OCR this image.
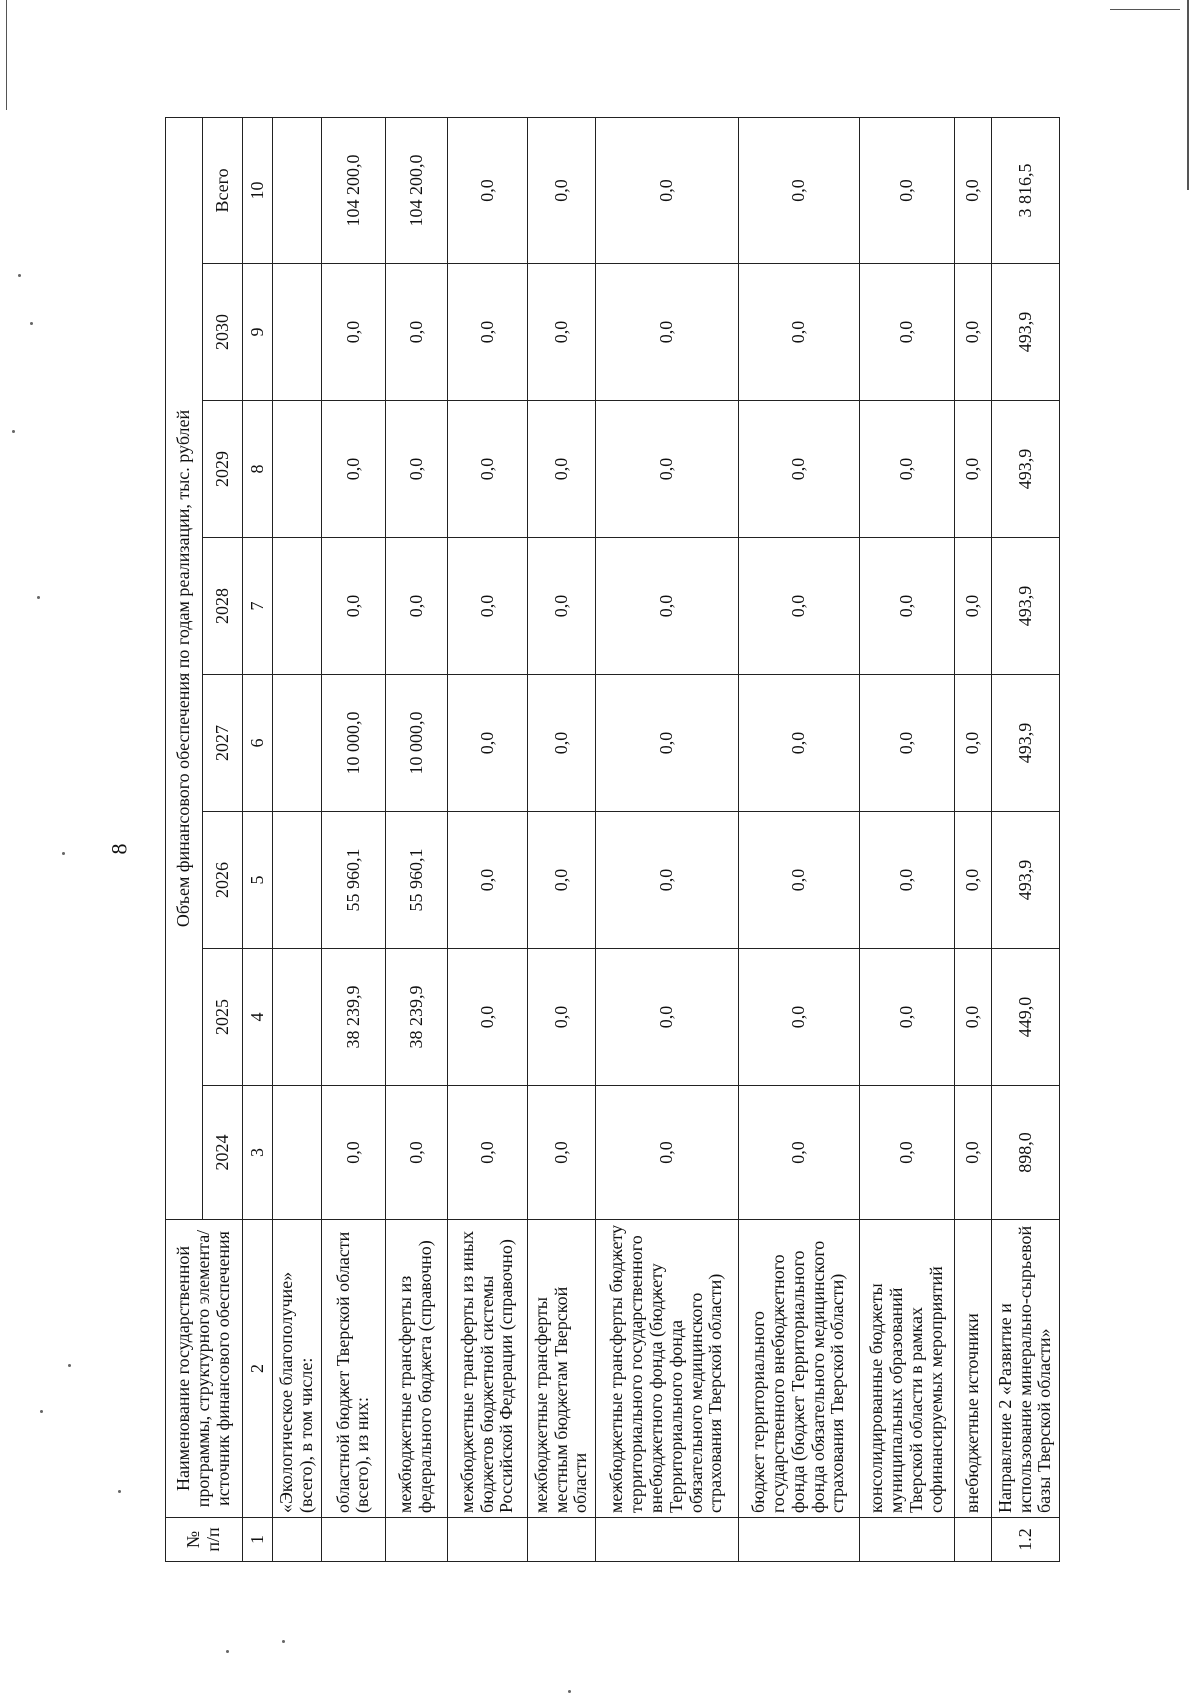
8
№ п/п	Наименование государственной программы, структурного элемента/источник финансового обеспечения	Объем финансового обеспечения по годам реализации, тыс. рублей							
		2024	2025	2026	2027	2028	2029	2030	Всего
1	2	3	4	5	6	7	8	9	10
	«Экологическое благополучие» (всего), в том числе:								
	областной бюджет Тверской области (всего), из них:	0,0	38 239,9	55 960,1	10 000,0	0,0	0,0	0,0	104 200,0
	межбюджетные трансферты из федерального бюджета (справочно)	0,0	38 239,9	55 960,1	10 000,0	0,0	0,0	0,0	104 200,0
	межбюджетные трансферты из иных бюджетов бюджетной системы Российской Федерации (справочно)	0,0	0,0	0,0	0,0	0,0	0,0	0,0	0,0
	межбюджетные трансферты местным бюджетам Тверской области	0,0	0,0	0,0	0,0	0,0	0,0	0,0	0,0
	межбюджетные трансферты бюджету территориального государственного внебюджетного фонда (бюджету Территориального фонда обязательного медицинского страхования Тверской области)	0,0	0,0	0,0	0,0	0,0	0,0	0,0	0,0
	бюджет территориального государственного внебюджетного фонда (бюджет Территориального фонда обязательного медицинского страхования Тверской области)	0,0	0,0	0,0	0,0	0,0	0,0	0,0	0,0
	консолидированные бюджеты муниципальных образований Тверской области в рамках софинансируемых мероприятий	0,0	0,0	0,0	0,0	0,0	0,0	0,0	0,0
	внебюджетные источники	0,0	0,0	0,0	0,0	0,0	0,0	0,0	0,0
1.2	Направление 2 «Развитие и использование минерально-сырьевой базы Тверской области»	898,0	449,0	493,9	493,9	493,9	493,9	493,9	3 816,5
